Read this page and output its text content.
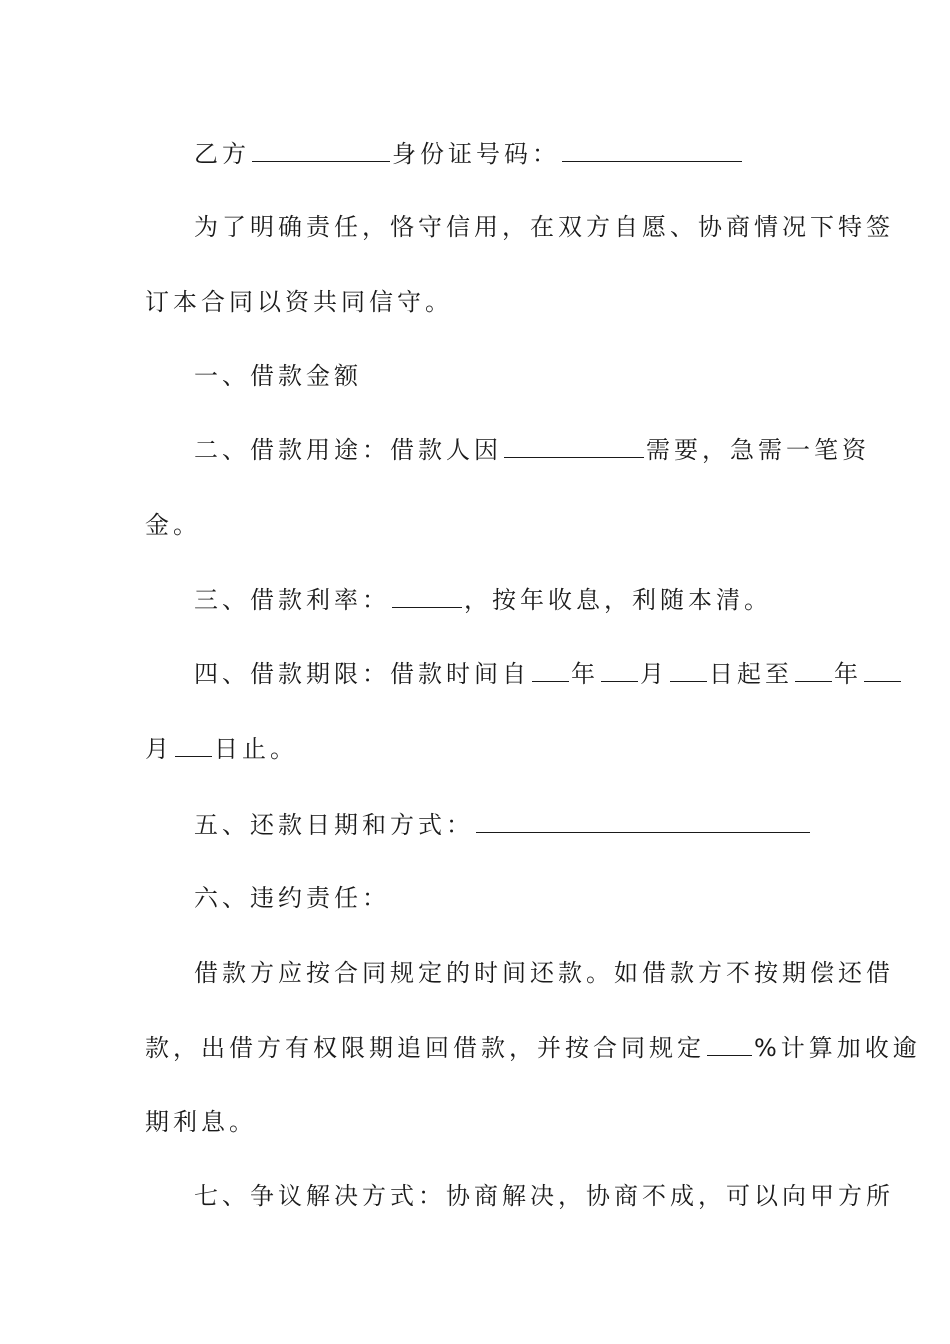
乙方	身份证号码：
为了明确责任，恪守信用，在双方自愿、协商情况下特签
订本合同以资共同信守。
一、借款金额
二、借款用途：借款人因	需要，急需一笔资
金。
三、借款利率：	，按年收息，利随本清。
四、借款期限：借款时间自 年 月 日起至 年
月 日止。
五、还款日期和方式：
六、违约责任：
借款方应按合同规定的时间还款。如借款方不按期偿还借
款，出借方有权限期追回借款，并按合同规定 %计算加收逾
期利息。
七、争议解决方式：协商解决，协商不成，可以向甲方所
